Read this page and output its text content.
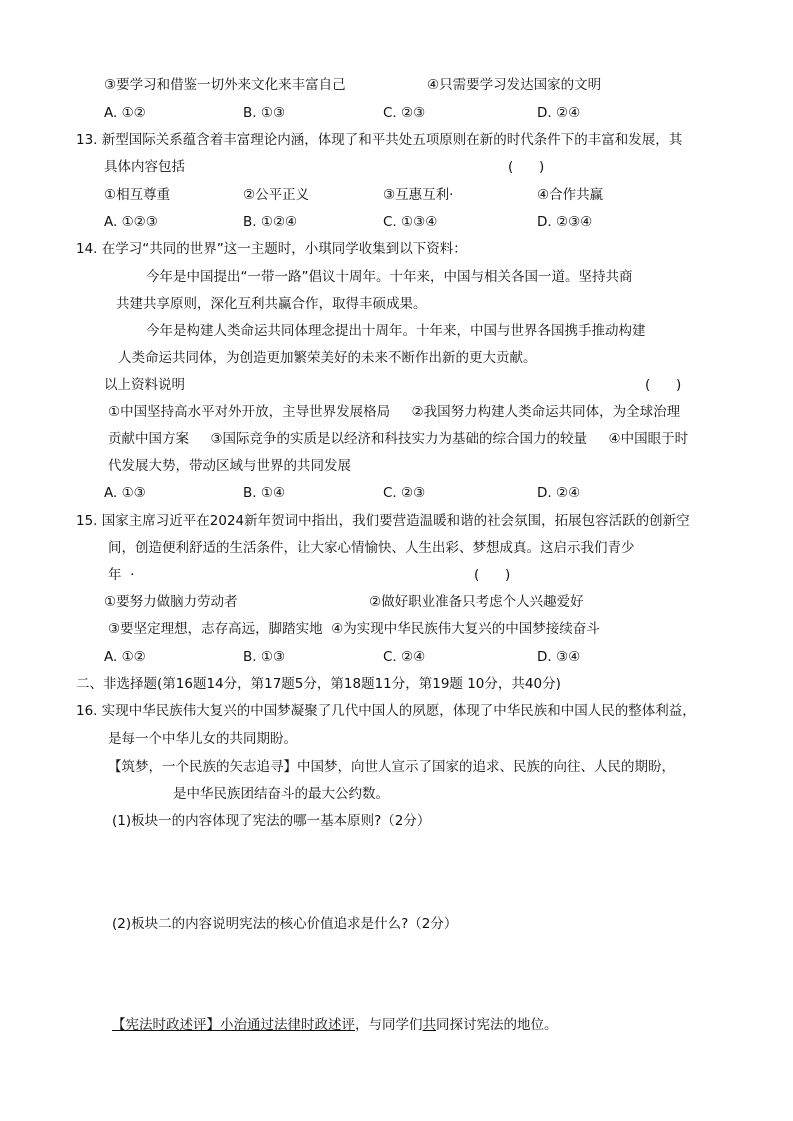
③要学习和借鉴一切外来文化来丰富自己	④只需要学习发达国家的文明
A. ①②	B. ①③	C. ②③	D. ②④
13. 新型国际关系蕴含着丰富理论内涵，体现了和平共处五项原则在新的时代条件下的丰富和发展，其
具体内容包括	(      )
①相互尊重	②公平正义	③互惠互利·	④合作共赢
A. ①②③	B. ①②④	C. ①③④	D. ②③④
14. 在学习“共同的世界”这一主题时，小琪同学收集到以下资料：
今年是中国提出“一带一路”倡议十周年。十年来，中国与相关各国一道。坚持共商
共建共享原则，深化互利共赢合作，取得丰硕成果。
今年是构建人类命运共同体理念提出十周年。十年来，中国与世界各国携手推动构建
人类命运共同体，为创造更加繁荣美好的未来不断作出新的更大贡献。
以上资料说明	(      )
①中国坚持高水平对外开放，主导世界发展格局     ②我国努力构建人类命运共同体，为全球治理
贡献中国方案     ③国际竞争的实质是以经济和科技实力为基础的综合国力的较量     ④中国眼于时
代发展大势，带动区域与世界的共同发展
A. ①③	B. ①④	C. ②③	D. ②④
15. 国家主席习近平在2024新年贺词中指出，我们要营造温暖和谐的社会氛围，拓展包容活跃的创新空
间，创造便利舒适的生活条件，让大家心情愉快、人生出彩、梦想成真。这启示我们青少
年  ·	(      )
①要努力做脑力劳动者	②做好职业准备只考虑个人兴趣爱好
③要坚定理想，志存高远，脚踏实地  ④为实现中华民族伟大复兴的中国梦接续奋斗
A. ①②	B. ①③	C. ②④	D. ③④
二、非选择题(第16题14分，第17题5分，第18题11分，第19题 10分，共40分)
16. 实现中华民族伟大复兴的中国梦凝聚了几代中国人的夙愿，体现了中华民族和中国人民的整体利益，
是每一个中华儿女的共同期盼。
【筑梦，一个民族的矢志追寻】中国梦，向世人宣示了国家的追求、民族的向往、人民的期盼，
是中华民族团结奋斗的最大公约数。
(1)板块一的内容体现了宪法的哪一基本原则?（2分）
(2)板块二的内容说明宪法的核心价值追求是什么?（2分）
【宪法时政述评】小治通过法律时政述评，与同学们共同探讨宪法的地位。
